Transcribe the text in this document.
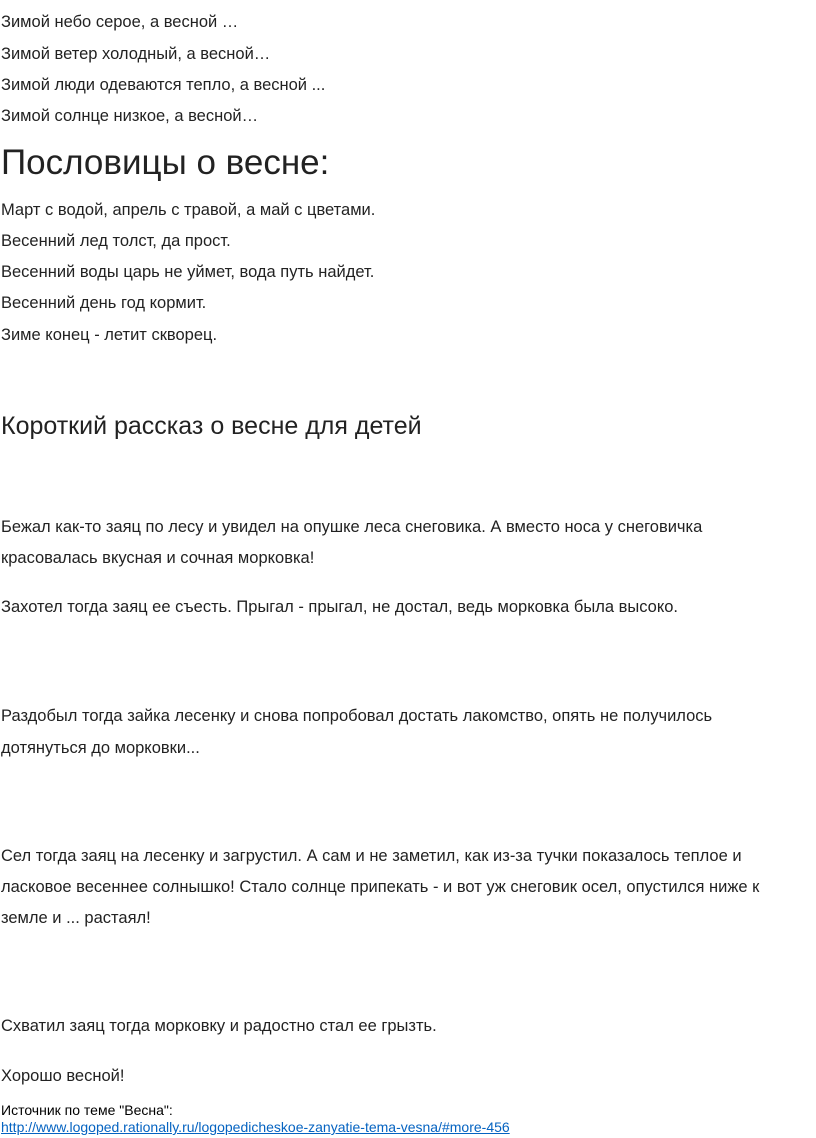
Зимой небо серое, а весной …
Зимой ветер холодный, а весной…
Зимой люди одеваются тепло, а весной ...
Зимой солнце низкое, а весной…
Пословицы о весне:
Март с водой, апрель с травой, а май с цветами.
Весенний лед толст, да прост.
Весенний воды царь не уймет, вода путь найдет.
Весенний день год кормит.
Зиме конец - летит скворец.
Короткий рассказ о весне для детей
Бежал как-то заяц по лесу и увидел на опушке леса снеговика. А вместо носа у снеговичка
красовалась вкусная и сочная морковка!
Захотел тогда заяц ее съесть. Прыгал - прыгал, не достал, ведь морковка была высоко.
Раздобыл тогда зайка лесенку и снова попробовал достать лакомство, опять не получилось
дотянуться до морковки...
Сел тогда заяц на лесенку и загрустил. А сам и не заметил, как из-за тучки показалось теплое и
ласковое весеннее солнышко! Стало солнце припекать - и вот уж снеговик осел, опустился ниже к
земле и ... растаял!
Схватил заяц тогда морковку и радостно стал ее грызть.
Хорошо весной!
Источник по теме "Весна":
http://www.logoped.rationally.ru/logopedicheskoe-zanyatie-tema-vesna/#more-456
